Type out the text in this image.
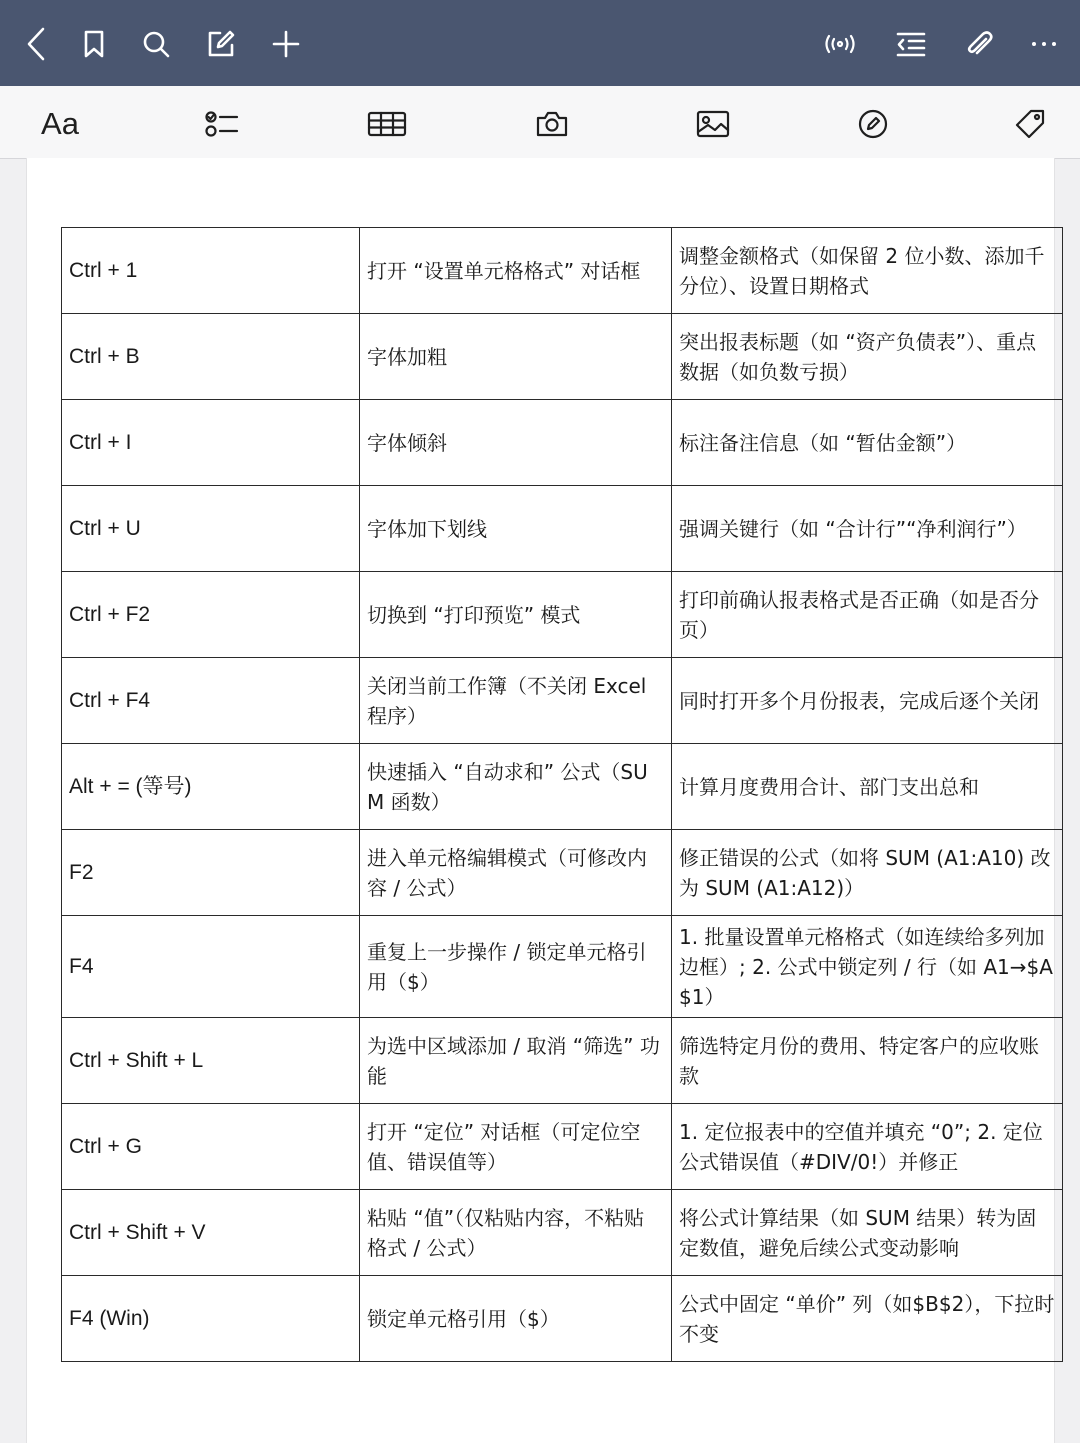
Aa
Ctrl + 1	打开 “设置单元格格式” 对话框	调整金额格式（如保留 2 位小数、添加千分位）、设置日期格式
Ctrl + B	字体加粗	突出报表标题（如 “资产负债表”）、重点数据（如负数亏损）
Ctrl + I	字体倾斜	标注备注信息（如 “暂估金额”）
Ctrl + U	字体加下划线	强调关键行（如 “合计行”“净利润行”）
Ctrl + F2	切换到 “打印预览” 模式	打印前确认报表格式是否正确（如是否分页）
Ctrl + F4	关闭当前工作簿（不关闭 Excel 程序）	同时打开多个月份报表，完成后逐个关闭
Alt + = (等号)	快速插入 “自动求和” 公式（SUM 函数）	计算月度费用合计、部门支出总和
F2	进入单元格编辑模式（可修改内容 / 公式）	修正错误的公式（如将 SUM (A1:A10) 改为 SUM (A1:A12)）
F4	重复上一步操作 / 锁定单元格引用（$）	1. 批量设置单元格格式（如连续给多列加边框）; 2. 公式中锁定列 / 行（如 A1→$A$1）
Ctrl + Shift + L	为选中区域添加 / 取消 “筛选” 功能	筛选特定月份的费用、特定客户的应收账款
Ctrl + G	打开 “定位” 对话框（可定位空值、错误值等）	1. 定位报表中的空值并填充 “0”; 2. 定位公式错误值（#DIV/0!）并修正
Ctrl + Shift + V	粘贴 “值”（仅粘贴内容，不粘贴格式 / 公式）	将公式计算结果（如 SUM 结果）转为固定数值，避免后续公式变动影响
F4 (Win)	锁定单元格引用（$）	公式中固定 “单价” 列（如$B$2），下拉时不变
